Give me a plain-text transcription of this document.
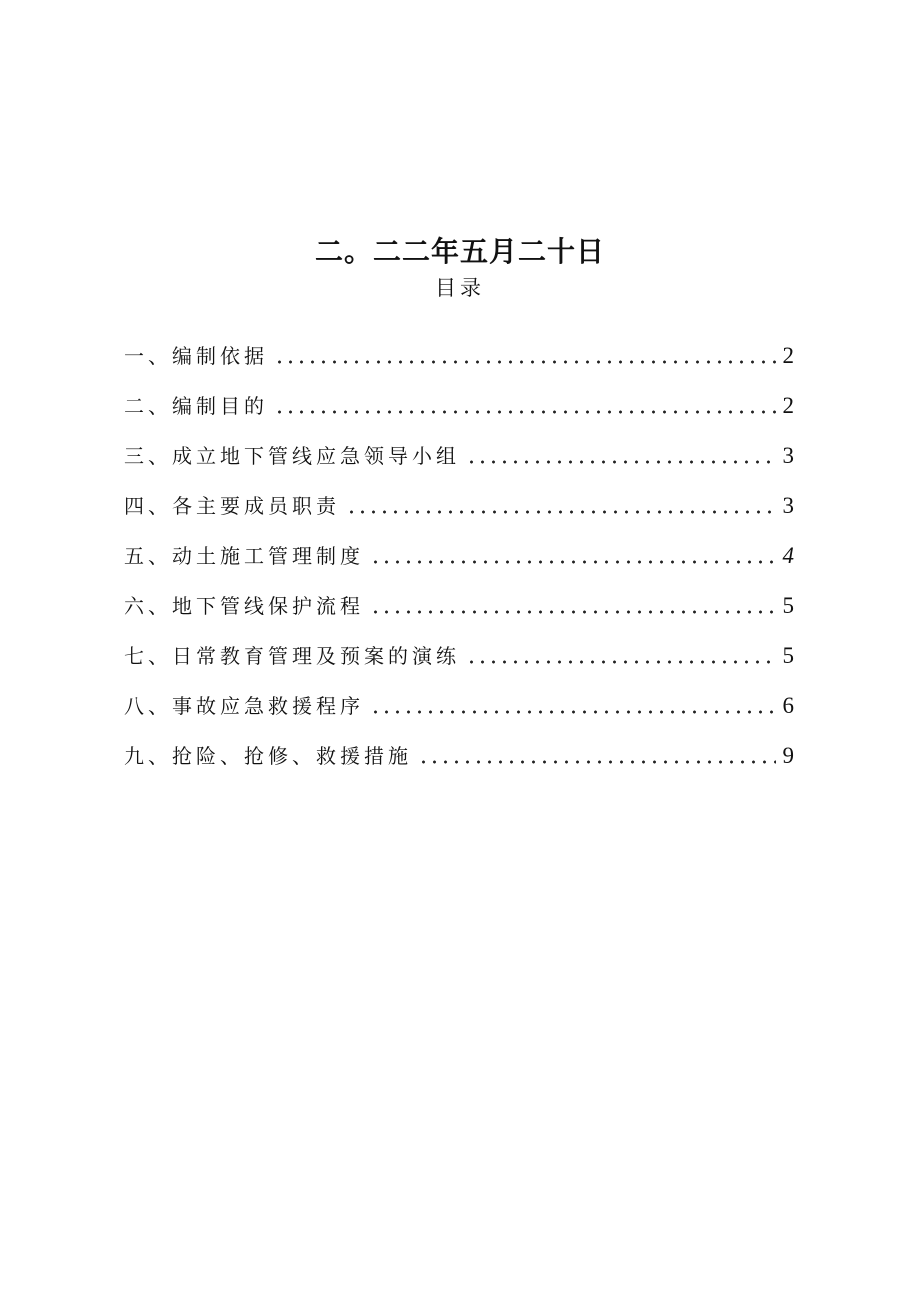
二。二二年五月二十日
目录
一、编制依据	2
二、编制目的	2
三、成立地下管线应急领导小组	3
四、各主要成员职责	3
五、动土施工管理制度	4
六、地下管线保护流程	5
七、日常教育管理及预案的演练	5
八、事故应急救援程序	6
九、抢险、抢修、救援措施	9
